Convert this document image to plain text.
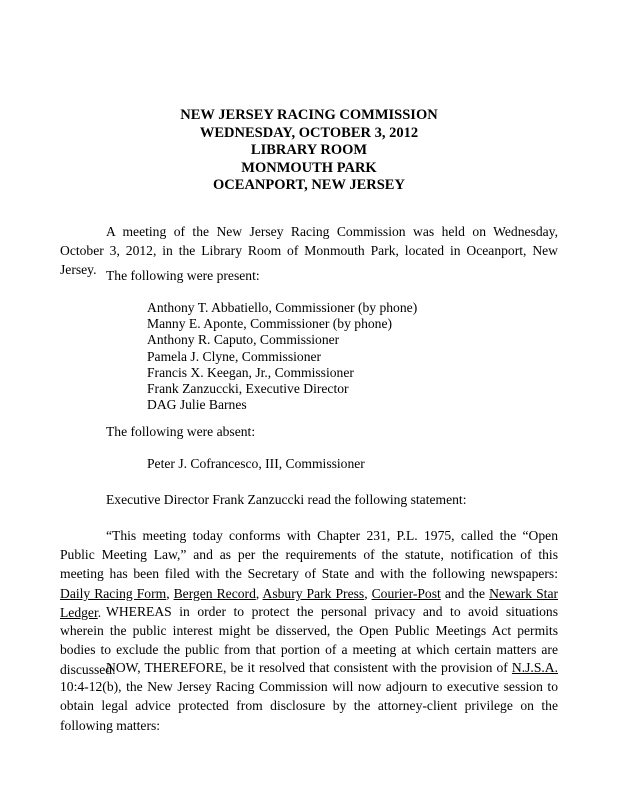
NEW JERSEY RACING COMMISSION
WEDNESDAY, OCTOBER 3, 2012
LIBRARY ROOM
MONMOUTH PARK
OCEANPORT, NEW JERSEY
A meeting of the New Jersey Racing Commission was held on Wednesday, October 3, 2012, in the Library Room of Monmouth Park, located in Oceanport, New Jersey. The following were present:
Anthony T. Abbatiello, Commissioner (by phone)
Manny E. Aponte, Commissioner (by phone)
Anthony R. Caputo, Commissioner
Pamela J. Clyne, Commissioner
Francis X. Keegan, Jr., Commissioner
Frank Zanzuccki, Executive Director
DAG Julie Barnes
The following were absent:
Peter J. Cofrancesco, III, Commissioner
Executive Director Frank Zanzuccki read the following statement:
“This meeting today conforms with Chapter 231, P.L. 1975, called the “Open Public Meeting Law,” and as per the requirements of the statute, notification of this meeting has been filed with the Secretary of State and with the following newspapers: Daily Racing Form, Bergen Record, Asbury Park Press, Courier-Post and the Newark Star Ledger. WHEREAS in order to protect the personal privacy and to avoid situations wherein the public interest might be disserved, the Open Public Meetings Act permits bodies to exclude the public from that portion of a meeting at which certain matters are discussed.
NOW, THEREFORE, be it resolved that consistent with the provision of N.J.S.A. 10:4-12(b), the New Jersey Racing Commission will now adjourn to executive session to obtain legal advice protected from disclosure by the attorney-client privilege on the following matters:
